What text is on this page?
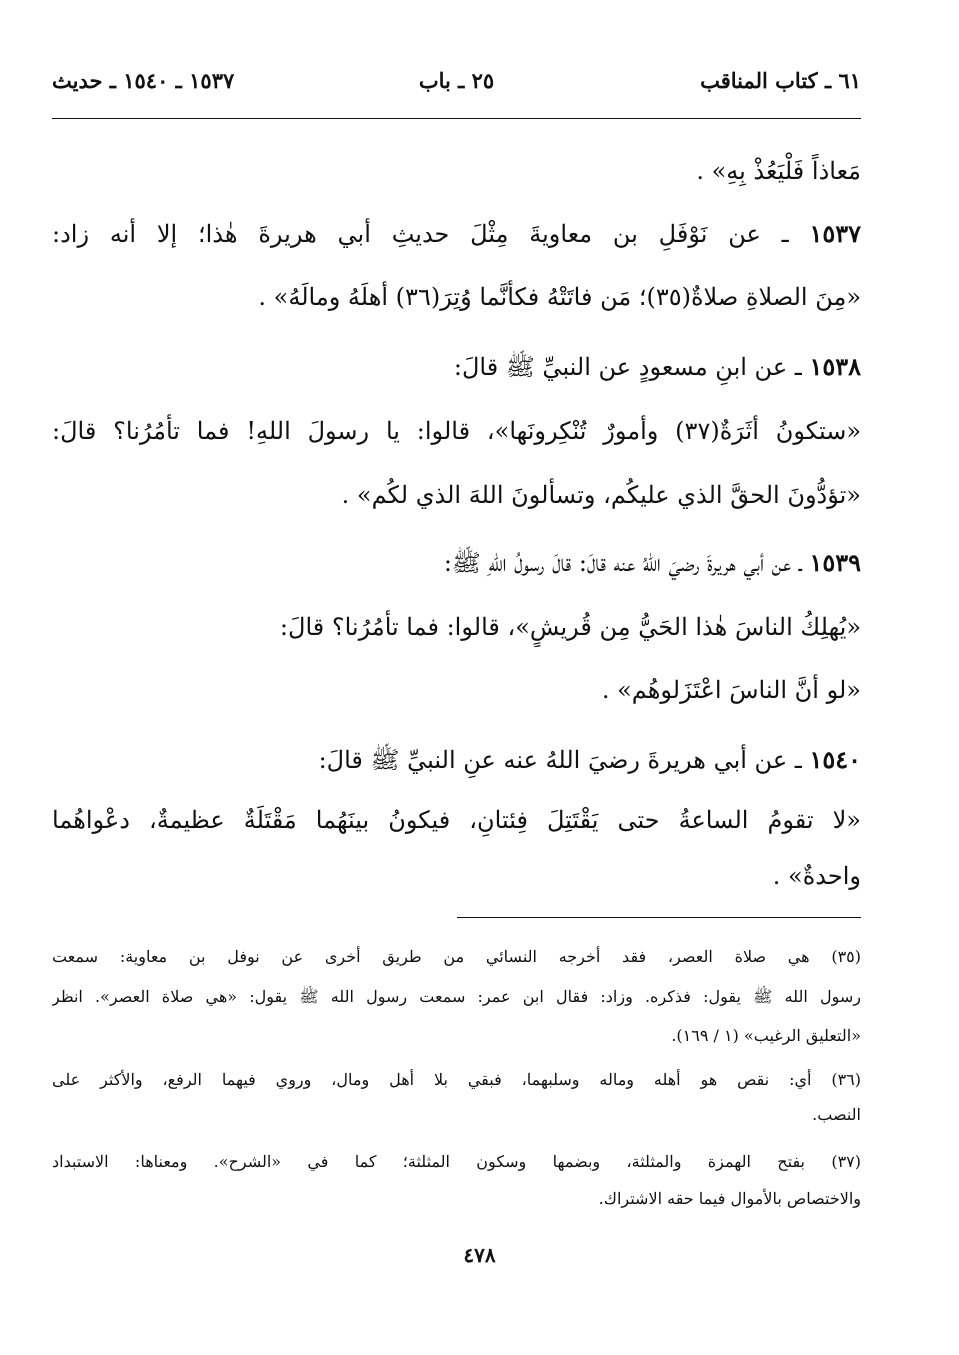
٦١ ـ كتاب المناقب
٢٥ ـ باب
١٥٣٧ ـ ١٥٤٠ ـ حديث
مَعاذاً فَلْيَعُذْ بِهِ» .
١٥٣٧ ـ عن نَوْفَلِ بن معاويةَ مِثْلَ حديثِ أبي هريرةَ هٰذا؛ إلا أنه زاد:
«مِنَ الصلاةِ صلاةٌ(٣٥)؛ مَن فاتَتْهُ فكأنَّما وُتِرَ(٣٦) أهلَهُ ومالَهُ» .
١٥٣٨ ـ عن ابنِ مسعودٍ عن النبيِّ ﷺ قالَ:
«ستكونُ أثَرَةٌ(٣٧) وأمورٌ تُنْكِرونَها»، قالوا: يا رسولَ اللهِ! فما تأمُرُنا؟ قالَ:
«تؤدُّونَ الحقَّ الذي عليكُم، وتسألونَ اللهَ الذي لكُم» .
١٥٣٩ ـ عن أبي هريرةَ رضيَ اللهُ عنه قالَ: قالَ رسولُ اللهِ ﷺ:
«يُهلِكُ الناسَ هٰذا الحَيُّ مِن قُريشٍ»، قالوا: فما تأمُرُنا؟ قالَ:
«لو أنَّ الناسَ اعْتَزَلوهُم» .
١٥٤٠ ـ عن أبي هريرةَ رضيَ اللهُ عنه عنِ النبيِّ ﷺ قالَ:
«لا تقومُ الساعةُ حتى يَقْتَتِلَ فِئتانِ، فيكونُ بينَهُما مَقْتَلَةٌ عظيمةٌ، دعْواهُما
واحدةٌ» .
(٣٥) هي صلاة العصر، فقد أخرجه النسائي من طريق أخرى عن نوفل بن معاوية: سمعت
رسول الله ﷺ يقول: فذكره. وزاد: فقال ابن عمر: سمعت رسول الله ﷺ يقول: «هي صلاة العصر». انظر
«التعليق الرغيب» (١ / ١٦٩).
(٣٦) أي: نقص هو أهله وماله وسلبهما، فبقي بلا أهل ومال، وروي فيهما الرفع، والأكثر على
النصب.
(٣٧) بفتح الهمزة والمثلثة، وبضمها وسكون المثلثة؛ كما في «الشرح». ومعناها: الاستبداد
والاختصاص بالأموال فيما حقه الاشتراك.
٤٧٨
